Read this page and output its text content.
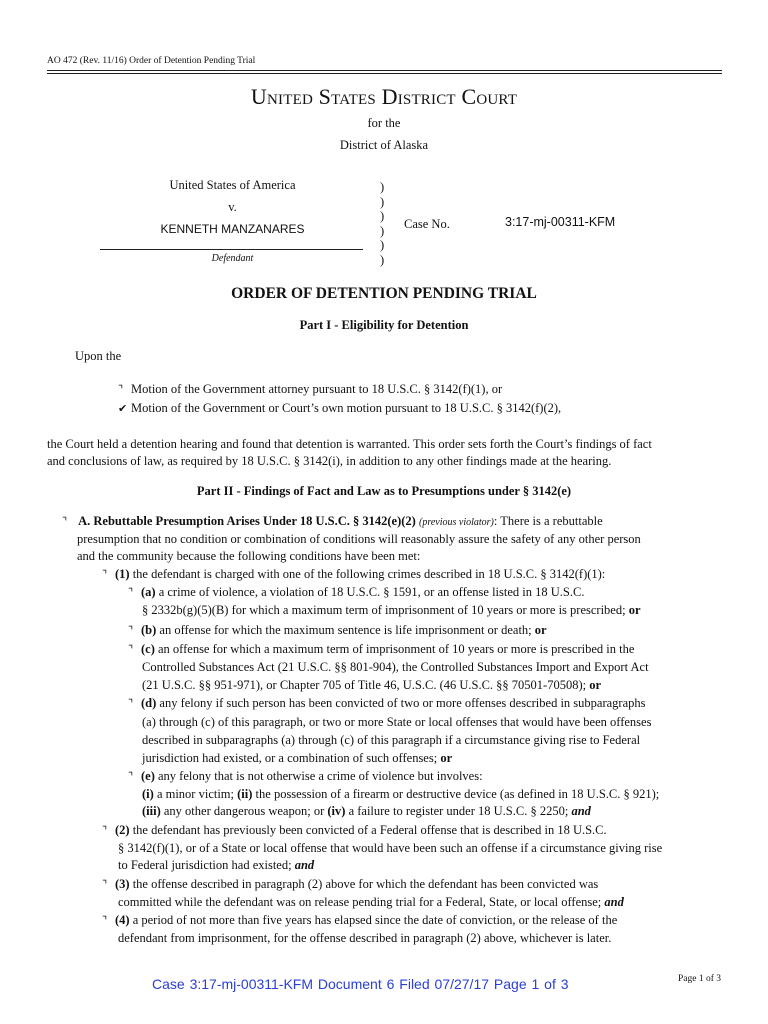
AO 472 (Rev. 11/16) Order of Detention Pending Trial
United States District Court
for the
District of Alaska
United States of America
v.
KENNETH MANZANARES
Defendant
)
)
)
)
)
)
Case No.	3:17-mj-00311-KFM
ORDER OF DETENTION PENDING TRIAL
Part I - Eligibility for Detention
Upon the
⌝ Motion of the Government attorney pursuant to 18 U.S.C. § 3142(f)(1), or
✔ Motion of the Government or Court’s own motion pursuant to 18 U.S.C. § 3142(f)(2),
the Court held a detention hearing and found that detention is warranted. This order sets forth the Court’s findings of fact
and conclusions of law, as required by 18 U.S.C. § 3142(i), in addition to any other findings made at the hearing.
Part II - Findings of Fact and Law as to Presumptions under § 3142(e)
⌝ A. Rebuttable Presumption Arises Under 18 U.S.C. § 3142(e)(2) (previous violator): There is a rebuttable
presumption that no condition or combination of conditions will reasonably assure the safety of any other person
and the community because the following conditions have been met:
⌝ (1) the defendant is charged with one of the following crimes described in 18 U.S.C. § 3142(f)(1):
⌝ (a) a crime of violence, a violation of 18 U.S.C. § 1591, or an offense listed in 18 U.S.C.
§ 2332b(g)(5)(B) for which a maximum term of imprisonment of 10 years or more is prescribed; or
⌝ (b) an offense for which the maximum sentence is life imprisonment or death; or
⌝ (c) an offense for which a maximum term of imprisonment of 10 years or more is prescribed in the
Controlled Substances Act (21 U.S.C. §§ 801-904), the Controlled Substances Import and Export Act
(21 U.S.C. §§ 951-971), or Chapter 705 of Title 46, U.S.C. (46 U.S.C. §§ 70501-70508); or
⌝ (d) any felony if such person has been convicted of two or more offenses described in subparagraphs
(a) through (c) of this paragraph, or two or more State or local offenses that would have been offenses
described in subparagraphs (a) through (c) of this paragraph if a circumstance giving rise to Federal
jurisdiction had existed, or a combination of such offenses; or
⌝ (e) any felony that is not otherwise a crime of violence but involves:
(i) a minor victim; (ii) the possession of a firearm or destructive device (as defined in 18 U.S.C. § 921);
(iii) any other dangerous weapon; or (iv) a failure to register under 18 U.S.C. § 2250; and
⌝ (2) the defendant has previously been convicted of a Federal offense that is described in 18 U.S.C.
§ 3142(f)(1), or of a State or local offense that would have been such an offense if a circumstance giving rise
to Federal jurisdiction had existed; and
⌝ (3) the offense described in paragraph (2) above for which the defendant has been convicted was
committed while the defendant was on release pending trial for a Federal, State, or local offense; and
⌝ (4) a period of not more than five years has elapsed since the date of conviction, or the release of the
defendant from imprisonment, for the offense described in paragraph (2) above, whichever is later.
Case 3:17-mj-00311-KFM Document 6 Filed 07/27/17 Page 1 of 3	Page 1 of 3
